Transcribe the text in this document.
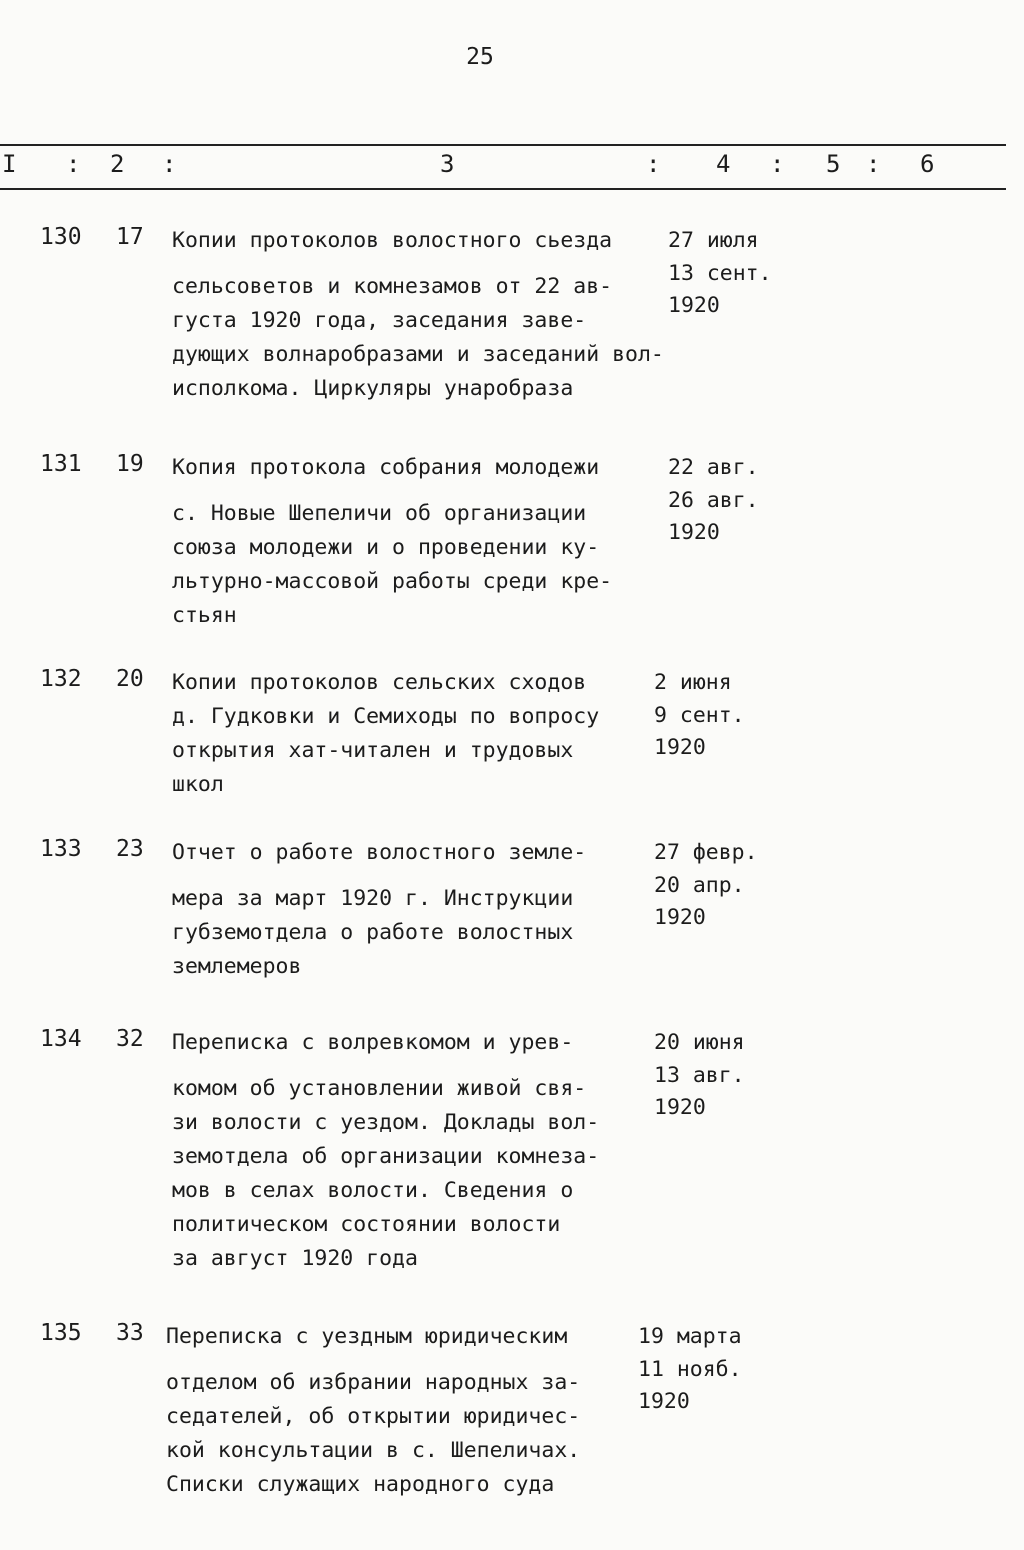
25
I : 2 :	3	: 4 : 5 : 6
130 17 Копии протоколов волостного сьезда
сельсоветов и комнезамов от 22 ав-
густа 1920 года, заседания заве-
дующих волнаробразами и заседаний вол-
исполкома. Циркуляры унаробраза
27 июля
13 сент.
1920
131 19 Копия протокола собрания молодежи
с. Новые Шепеличи об организации
союза молодежи и о проведении ку-
льтурно-массовой работы среди кре-
стьян
22 авг.
26 авг.
1920
132 20 Копии протоколов сельских сходов
д. Гудковки и Семиходы по вопросу
открытия хат-читален и трудовых
школ
2 июня
9 сент.
1920
133 23 Отчет о работе волостного земле-
мера за март 1920 г. Инструкции
губземотдела о работе волостных
землемеров
27 февр.
20 апр.
1920
134 32 Переписка с волревкомом и урев-
комом об установлении живой свя-
зи волости с уездом. Доклады вол-
земотдела об организации комнеза-
мов в селах волости. Сведения о
политическом состоянии волости
за август 1920 года
20 июня
13 авг.
1920
135 33 Переписка с уездным юридическим
отделом об избрании народных за-
седателей, об открытии юридичес-
кой консультации в с. Шепеличах.
Списки служащих народного суда
19 марта
11 нояб.
1920
